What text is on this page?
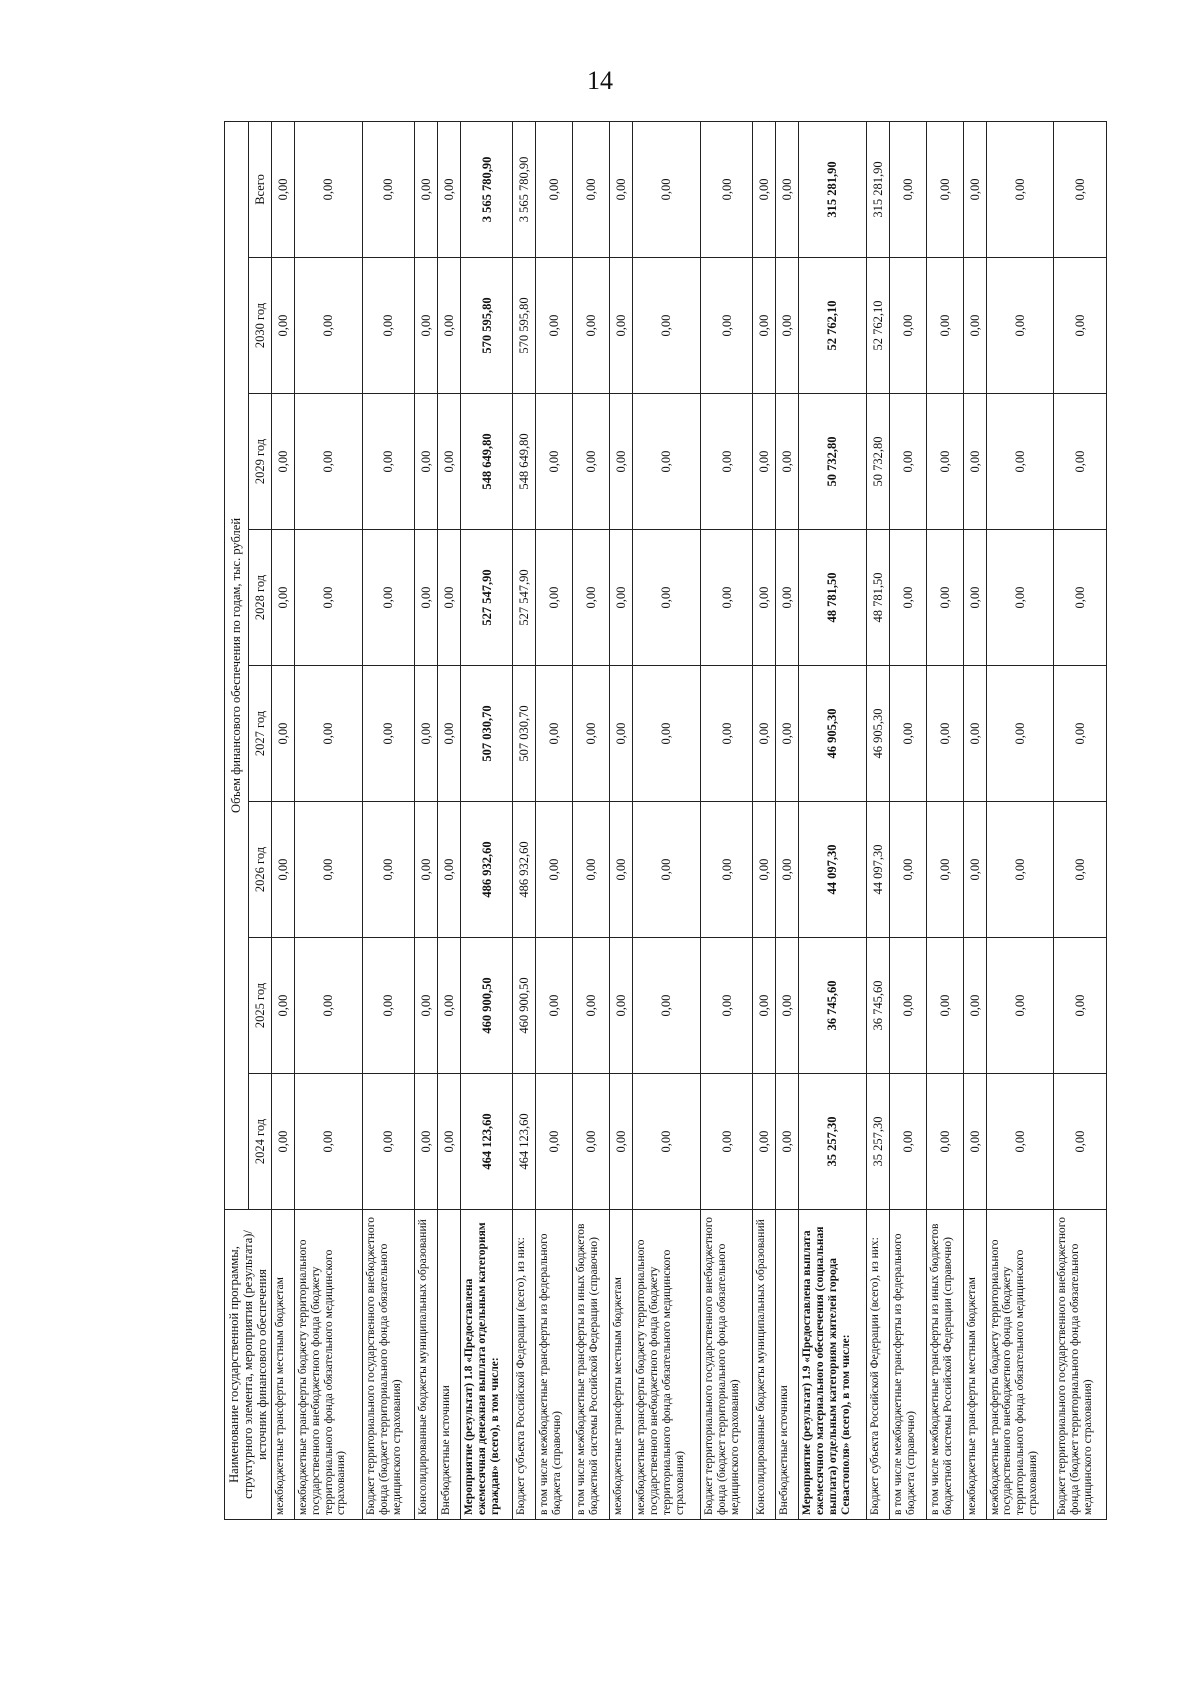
14
Наименование государственной программы, структурного элемента, мероприятия (результата)/источник финансового обеспечения	Объем финансового обеспечения по годам, тыс. рублей							
	2024 год	2025 год	2026 год	2027 год	2028 год	2029 год	2030 год	Всего
межбюджетные трансферты местным бюджетам	0,00	0,00	0,00	0,00	0,00	0,00	0,00	0,00
межбюджетные трансферты бюджету территориального государственного внебюджетного фонда (бюджету территориального фонда обязательного медицинского страхования)	0,00	0,00	0,00	0,00	0,00	0,00	0,00	0,00
Бюджет территориального государственного внебюджетного фонда (бюджет территориального фонда обязательного медицинского страхования)	0,00	0,00	0,00	0,00	0,00	0,00	0,00	0,00
Консолидированные бюджеты муниципальных образований	0,00	0,00	0,00	0,00	0,00	0,00	0,00	0,00
Внебюджетные источники	0,00	0,00	0,00	0,00	0,00	0,00	0,00	0,00
Мероприятие (результат) 1.8 «Предоставлена ежемесячная денежная выплата отдельным категориям граждан» (всего), в том числе:	464 123,60	460 900,50	486 932,60	507 030,70	527 547,90	548 649,80	570 595,80	3 565 780,90
Бюджет субъекта Российской Федерации (всего), из них:	464 123,60	460 900,50	486 932,60	507 030,70	527 547,90	548 649,80	570 595,80	3 565 780,90
в том числе межбюджетные трансферты из федерального бюджета (справочно)	0,00	0,00	0,00	0,00	0,00	0,00	0,00	0,00
в том числе межбюджетные трансферты из иных бюджетов бюджетной системы Российской Федерации (справочно)	0,00	0,00	0,00	0,00	0,00	0,00	0,00	0,00
межбюджетные трансферты местным бюджетам	0,00	0,00	0,00	0,00	0,00	0,00	0,00	0,00
межбюджетные трансферты бюджету территориального государственного внебюджетного фонда (бюджету территориального фонда обязательного медицинского страхования)	0,00	0,00	0,00	0,00	0,00	0,00	0,00	0,00
Бюджет территориального государственного внебюджетного фонда (бюджет территориального фонда обязательного медицинского страхования)	0,00	0,00	0,00	0,00	0,00	0,00	0,00	0,00
Консолидированные бюджеты муниципальных образований	0,00	0,00	0,00	0,00	0,00	0,00	0,00	0,00
Внебюджетные источники	0,00	0,00	0,00	0,00	0,00	0,00	0,00	0,00
Мероприятие (результат) 1.9 «Предоставлена выплата ежемесячного материального обеспечения (социальная выплата) отдельным категориям жителей города Севастополя» (всего), в том числе:	35 257,30	36 745,60	44 097,30	46 905,30	48 781,50	50 732,80	52 762,10	315 281,90
Бюджет субъекта Российской Федерации (всего), из них:	35 257,30	36 745,60	44 097,30	46 905,30	48 781,50	50 732,80	52 762,10	315 281,90
в том числе межбюджетные трансферты из федерального бюджета (справочно)	0,00	0,00	0,00	0,00	0,00	0,00	0,00	0,00
в том числе межбюджетные трансферты из иных бюджетов бюджетной системы Российской Федерации (справочно)	0,00	0,00	0,00	0,00	0,00	0,00	0,00	0,00
межбюджетные трансферты местным бюджетам	0,00	0,00	0,00	0,00	0,00	0,00	0,00	0,00
межбюджетные трансферты бюджету территориального государственного внебюджетного фонда (бюджету территориального фонда обязательного медицинского страхования)	0,00	0,00	0,00	0,00	0,00	0,00	0,00	0,00
Бюджет территориального государственного внебюджетного фонда (бюджет территориального фонда обязательного медицинского страхования)	0,00	0,00	0,00	0,00	0,00	0,00	0,00	0,00
